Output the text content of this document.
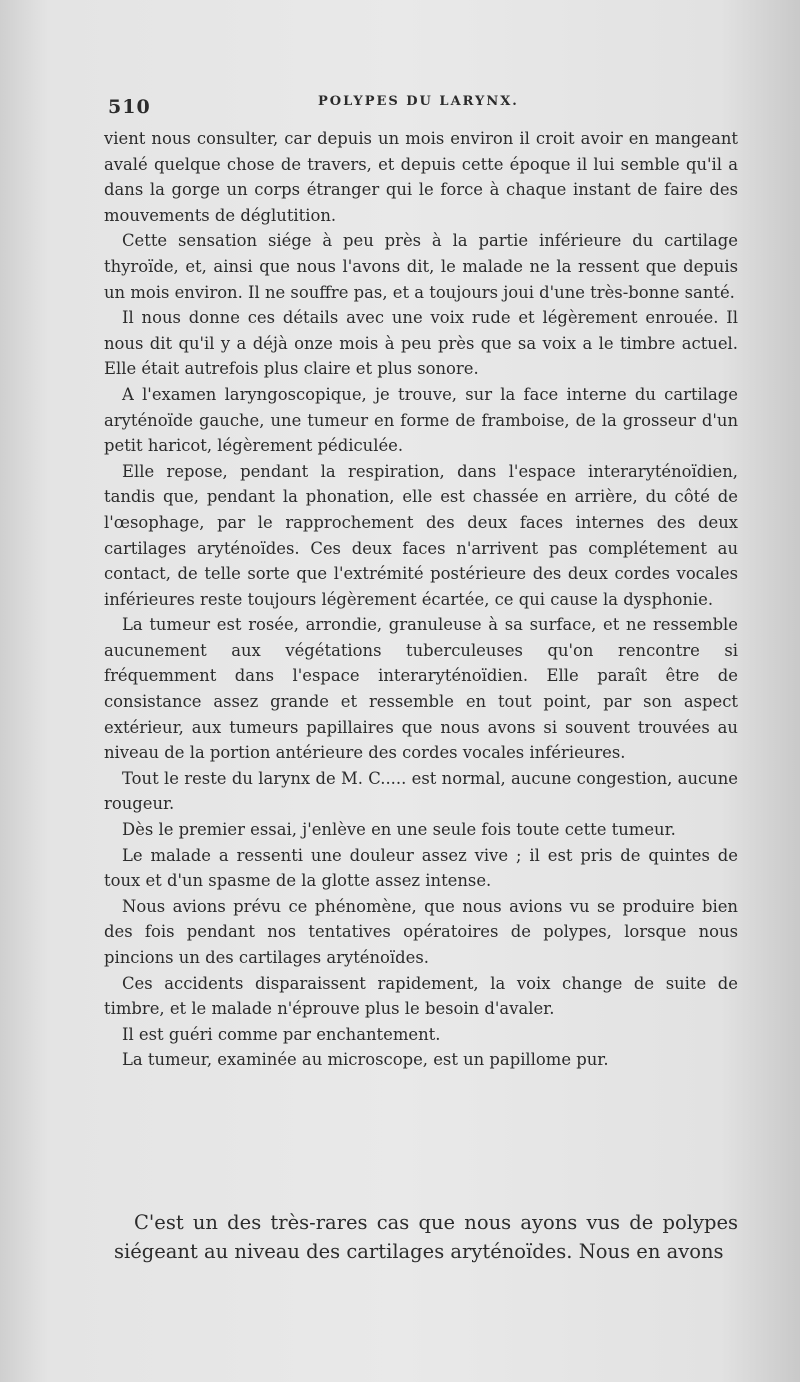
510	POLYPES DU LARYNX.

vient nous consulter, car depuis un mois environ il croit avoir en mangeant avalé quelque chose de travers, et depuis cette époque il lui semble qu'il a dans la gorge un corps étranger qui le force à chaque instant de faire des mouvements de déglutition.

Cette sensation siége à peu près à la partie inférieure du cartilage thyroïde, et, ainsi que nous l'avons dit, le malade ne la ressent que depuis un mois environ. Il ne souffre pas, et a toujours joui d'une très-bonne santé.

Il nous donne ces détails avec une voix rude et légèrement enrouée. Il nous dit qu'il y a déjà onze mois à peu près que sa voix a le timbre actuel. Elle était autrefois plus claire et plus sonore.

A l'examen laryngoscopique, je trouve, sur la face interne du cartilage aryténoïde gauche, une tumeur en forme de framboise, de la grosseur d'un petit haricot, légèrement pédiculée.

Elle repose, pendant la respiration, dans l'espace interaryténoïdien, tandis que, pendant la phonation, elle est chassée en arrière, du côté de l'œsophage, par le rapprochement des deux faces internes des deux cartilages aryténoïdes. Ces deux faces n'arrivent pas complétement au contact, de telle sorte que l'extrémité postérieure des deux cordes vocales inférieures reste toujours légèrement écartée, ce qui cause la dysphonie.

La tumeur est rosée, arrondie, granuleuse à sa surface, et ne ressemble aucunement aux végétations tuberculeuses qu'on rencontre si fréquemment dans l'espace interaryténoïdien. Elle paraît être de consistance assez grande et ressemble en tout point, par son aspect extérieur, aux tumeurs papillaires que nous avons si souvent trouvées au niveau de la portion antérieure des cordes vocales inférieures.

Tout le reste du larynx de M. C..... est normal, aucune congestion, aucune rougeur.

Dès le premier essai, j'enlève en une seule fois toute cette tumeur.

Le malade a ressenti une douleur assez vive ; il est pris de quintes de toux et d'un spasme de la glotte assez intense.

Nous avions prévu ce phénomène, que nous avions vu se produire bien des fois pendant nos tentatives opératoires de polypes, lorsque nous pincions un des cartilages aryténoïdes.

Ces accidents disparaissent rapidement, la voix change de suite de timbre, et le malade n'éprouve plus le besoin d'avaler.

Il est guéri comme par enchantement.

La tumeur, examinée au microscope, est un papillome pur.

C'est un des très-rares cas que nous ayons vus de polypes siégeant au niveau des cartilages aryténoïdes. Nous en avons
